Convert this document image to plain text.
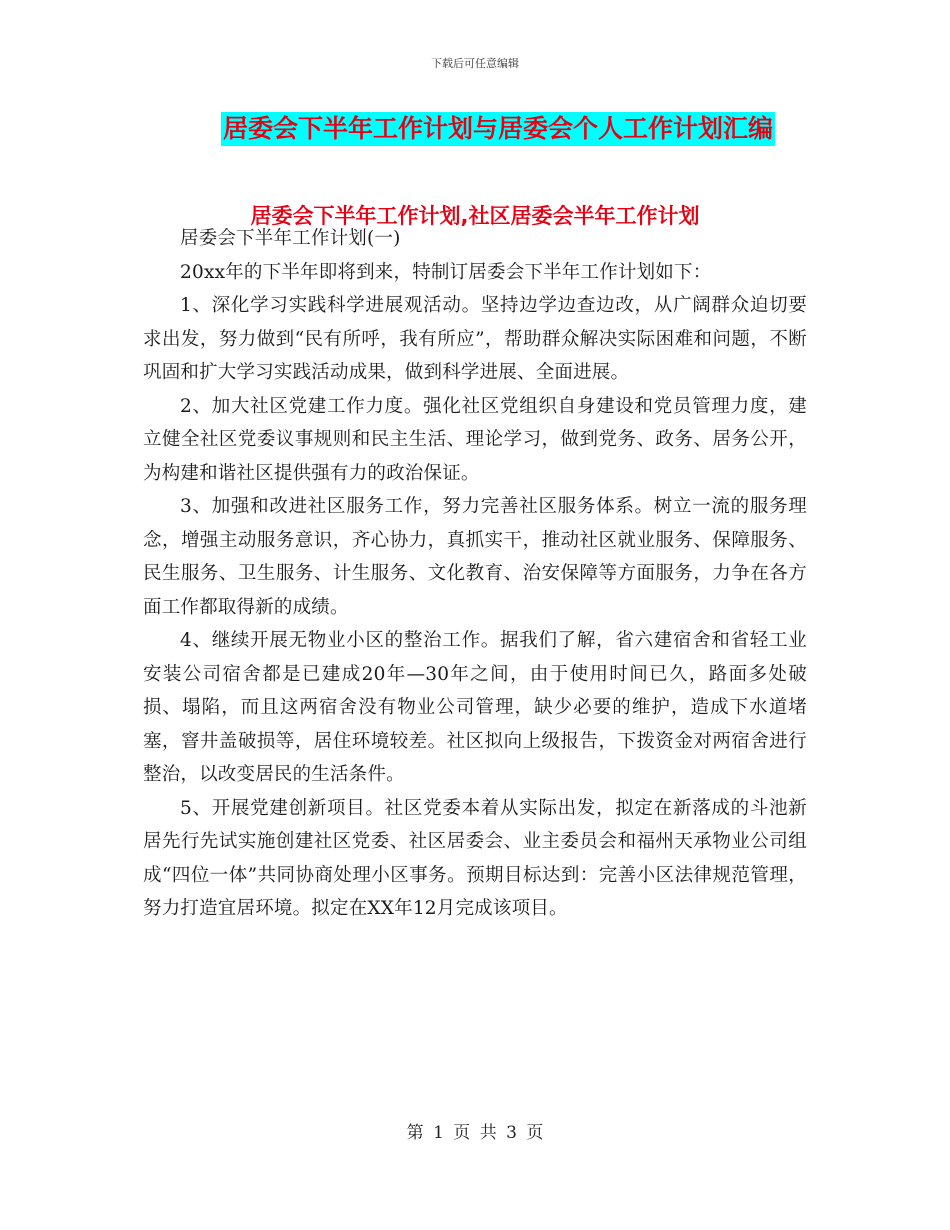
下载后可任意编辑
居委会下半年工作计划与居委会个人工作计划汇编
居委会下半年工作计划,社区居委会半年工作计划

居委会下半年工作计划(一)

20xx年的下半年即将到来，特制订居委会下半年工作计划如下：

1、深化学习实践科学进展观活动。坚持边学边查边改，从广阔群众迫切要求出发，努力做到“民有所呼，我有所应”，帮助群众解决实际困难和问题，不断巩固和扩大学习实践活动成果，做到科学进展、全面进展。

2、加大社区党建工作力度。强化社区党组织自身建设和党员管理力度，建立健全社区党委议事规则和民主生活、理论学习，做到党务、政务、居务公开，为构建和谐社区提供强有力的政治保证。

3、加强和改进社区服务工作，努力完善社区服务体系。树立一流的服务理念，增强主动服务意识，齐心协力，真抓实干，推动社区就业服务、保障服务、民生服务、卫生服务、计生服务、文化教育、治安保障等方面服务，力争在各方面工作都取得新的成绩。

4、继续开展无物业小区的整治工作。据我们了解，省六建宿舍和省轻工业安装公司宿舍都是已建成20年—30年之间，由于使用时间已久，路面多处破损、塌陷，而且这两宿舍没有物业公司管理，缺少必要的维护，造成下水道堵塞，窨井盖破损等，居住环境较差。社区拟向上级报告，下拨资金对两宿舍进行整治，以改变居民的生活条件。

5、开展党建创新项目。社区党委本着从实际出发，拟定在新落成的斗池新居先行先试实施创建社区党委、社区居委会、业主委员会和福州天承物业公司组成“四位一体”共同协商处理小区事务。预期目标达到：完善小区法律规范管理，努力打造宜居环境。拟定在XX年12月完成该项目。

第 1 页 共 3 页
